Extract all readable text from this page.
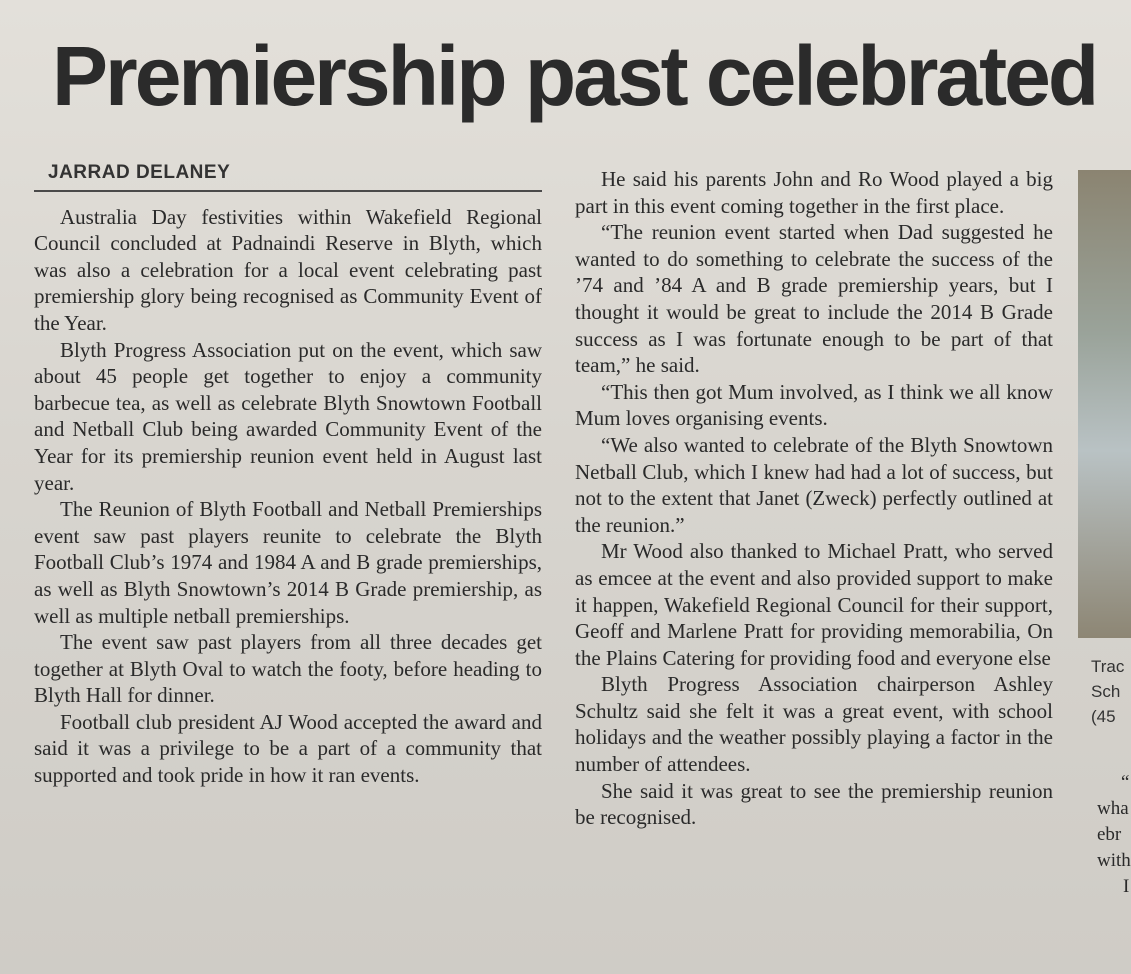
Premiership past celebrated
JARRAD DELANEY

Australia Day festivities within Wakefield Regional Council concluded at Padnaindi Reserve in Blyth, which was also a celebration for a local event celebrating past premiership glory being recognised as Community Event of the Year.

Blyth Progress Association put on the event, which saw about 45 people get together to enjoy a community barbecue tea, as well as celebrate Blyth Snowtown Football and Netball Club being awarded Community Event of the Year for its premiership reunion event held in August last year.

The Reunion of Blyth Football and Netball Premierships event saw past players reunite to celebrate the Blyth Football Club’s 1974 and 1984 A and B grade premierships, as well as Blyth Snowtown’s 2014 B Grade premiership, as well as multiple netball premierships.

The event saw past players from all three decades get together at Blyth Oval to watch the footy, before heading to Blyth Hall for dinner.

Football club president AJ Wood accepted the award and said it was a privilege to be a part of a community that supported and took pride in how it ran events.

He said his parents John and Ro Wood played a big part in this event coming together in the first place.

“The reunion event started when Dad suggested he wanted to do something to celebrate the success of the ’74 and ’84 A and B grade premiership years, but I thought it would be great to include the 2014 B Grade success as I was fortunate enough to be part of that team,” he said.

“This then got Mum involved, as I think we all know Mum loves organising events.

“We also wanted to celebrate of the Blyth Snowtown Netball Club, which I knew had had a lot of success, but not to the extent that Janet (Zweck) perfectly outlined at the reunion.”

Mr Wood also thanked to Michael Pratt, who served as emcee at the event and also provided support to make it happen, Wakefield Regional Council for their support, Geoff and Marlene Pratt for providing memorabilia, On the Plains Catering for providing food and everyone else

Blyth Progress Association chairperson Ashley Schultz said she felt it was a great event, with school holidays and the weather possibly playing a factor in the number of attendees.

She said it was great to see the premiership reunion be recognised.

Trac
Sch
(45
“
wha
ebr
with
I
